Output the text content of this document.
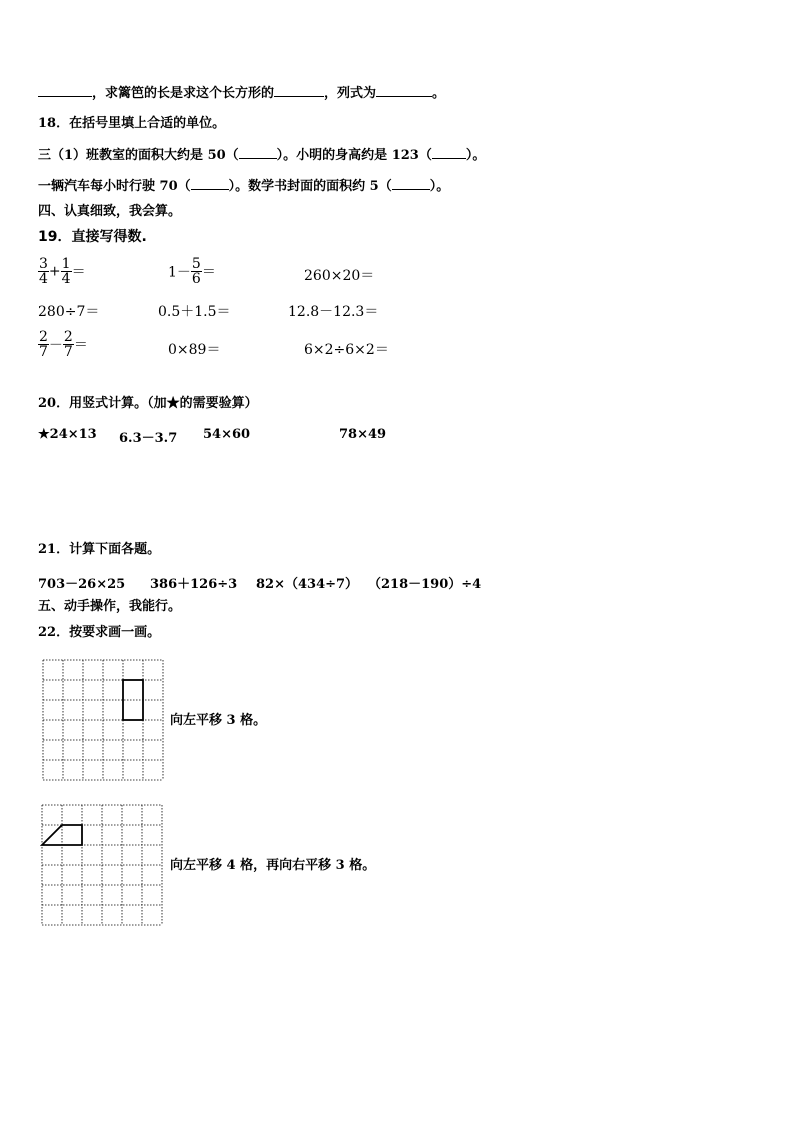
，求篱笆的长是求这个长方形的	，列式为	。
18．在括号里填上合适的单位。
三（1）班教室的面积大约是 50（	）。小明的身高约是 123（	）。
一辆汽车每小时行驶 70（	）。数学书封面的面积约 5（	）。
四、认真细致，我会算。
19．直接写得数.
$\frac{3}{4} + \frac{1}{4}$ ＝	$1- \frac{5}{6}$ ＝	260×20＝
280÷7＝	0.5＋1.5＝	12.8－12.3＝
$\frac{2}{7} - \frac{2}{7}$ ＝	0×89＝	6×2÷6×2＝
20．用竖式计算。（加★的需要验算）
★24×13 6.3－3.7 54×60	78×49
21．计算下面各题。
703－26×25 386＋126÷3 82×（434÷7） （218－190）÷4
五、动手操作，我能行。
22．按要求画一画。
向左平移 3 格。
向左平移 4 格，再向右平移 3 格。
